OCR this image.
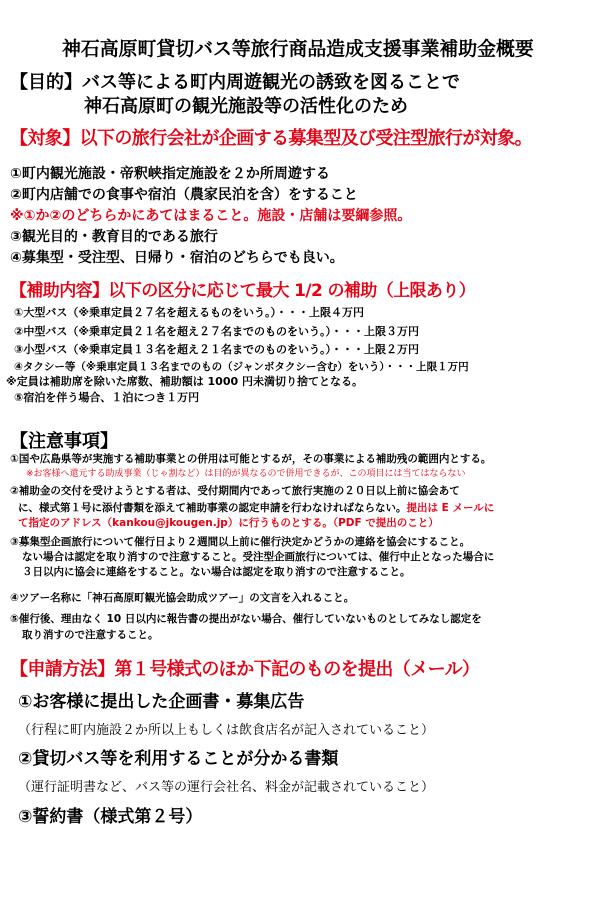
神石高原町貸切バス等旅行商品造成支援事業補助金概要
【目的】バス等による町内周遊観光の誘致を図ることで
神石高原町の観光施設等の活性化のため
【対象】以下の旅行会社が企画する募集型及び受注型旅行が対象。
①町内観光施設・帝釈峡指定施設を２か所周遊する
②町内店舗での食事や宿泊（農家民泊を含）をすること
※①か②のどちらかにあてはまること。施設・店舗は要綱参照。
③観光目的・教育目的である旅行
④募集型・受注型、日帰り・宿泊のどちらでも良い。
【補助内容】以下の区分に応じて最大 1/2 の補助（上限あり）
①大型バス（※乗車定員２７名を超えるものをいう。）・・・上限４万円
②中型バス（※乗車定員２１名を超え２７名までのものをいう。）・・・上限３万円
③小型バス（※乗車定員１３名を超え２１名までのものをいう。）・・・上限２万円
④タクシー等（※乗車定員１３名までのもの（ジャンボタクシー含む）をいう）・・・上限１万円
※定員は補助席を除いた席数、補助額は 1000 円未満切り捨てとなる。
⑤宿泊を伴う場合、１泊につき１万円
【注意事項】
①国や広島県等が実施する補助事業との併用は可能とするが，その事業による補助残の範囲内とする。
※お客様へ還元する助成事業（じゃ割など）は目的が異なるので併用できるが、この項目には当てはならない
②補助金の交付を受けようとする者は、受付期間内であって旅行実施の２０日以上前に協会あて
に、様式第１号に添付書類を添えて補助事業の認定申請を行わなければならない。提出は E メールに
て指定のアドレス（kankou@jkougen.jp）に行うものとする。（PDF で提出のこと）
③募集型企画旅行について催行日より２週間以上前に催行決定かどうかの連絡を協会にすること。
ない場合は認定を取り消すので注意すること。受注型企画旅行については、催行中止となった場合に
３日以内に協会に連絡をすること。ない場合は認定を取り消すので注意すること。
④ツアー名称に「神石高原町観光協会助成ツアー」の文言を入れること。
⑤催行後、理由なく 10 日以内に報告書の提出がない場合、催行していないものとしてみなし認定を
取り消すので注意すること。
【申請方法】第１号様式のほか下記のものを提出（メール）
①お客様に提出した企画書・募集広告
（行程に町内施設２か所以上もしくは飲食店名が記入されていること）
②貸切バス等を利用することが分かる書類
（運行証明書など、バス等の運行会社名、料金が記載されていること）
③誓約書（様式第２号）
